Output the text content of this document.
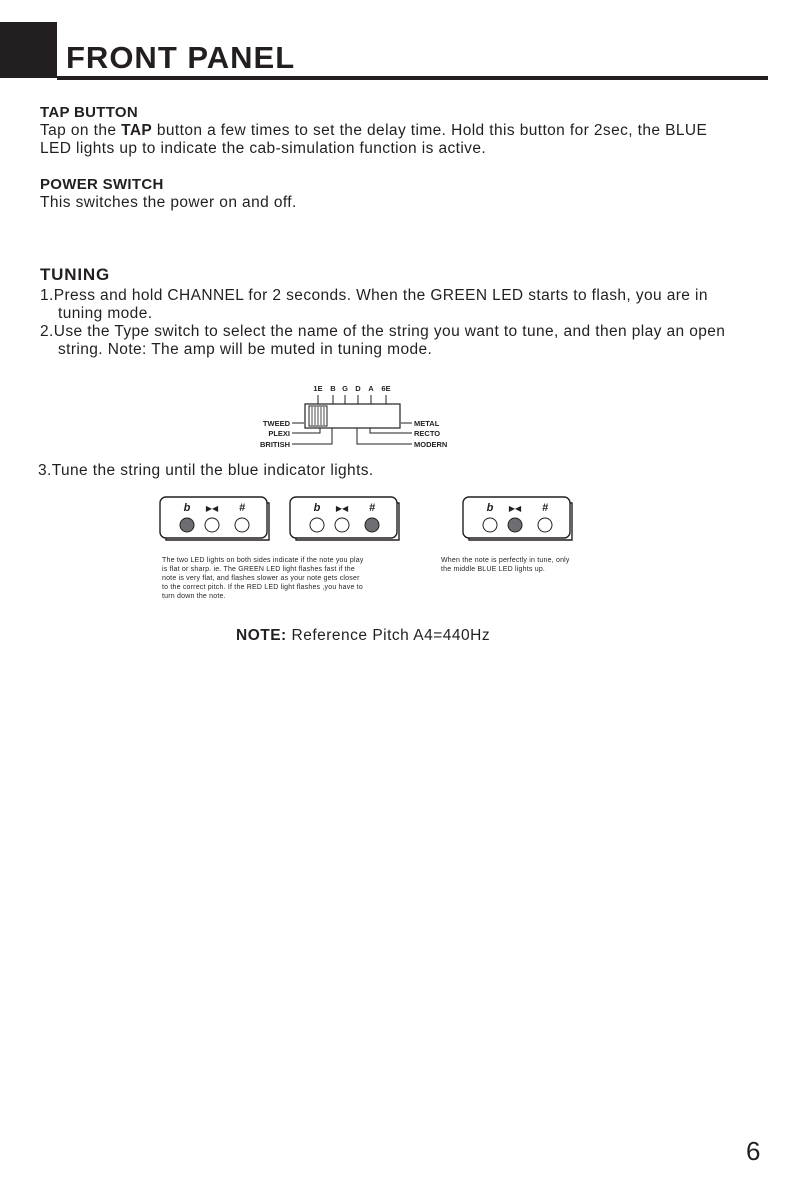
FRONT PANEL
TAP BUTTON
Tap on the TAP button a few times to set the delay time. Hold this button for 2sec, the BLUE
LED lights up to indicate the cab-simulation function is active.
POWER SWITCH
This switches the power on and off.
TUNING
1.Press and hold CHANNEL for 2 seconds. When the GREEN LED starts to flash, you are in
tuning mode.
2.Use the Type switch to select the name of the string you want to tune, and then play an open
string. Note: The amp will be muted in tuning mode.
1E B G D A 6E
TWEED
PLEXI
BRITISH
METAL
RECTO
MODERN
3.Tune the string until the blue indicator lights.
b ▶◀ #	b ▶◀ #	b ▶◀ #
The two LED lights on both sides indicate if the note you play
is flat or sharp. ie. The GREEN LED light flashes fast if the
note is very flat, and flashes slower as your note gets closer
to the correct pitch. If the RED LED light flashes ,you have to
turn down the note.
When the note is perfectly in tune, only
the middle BLUE LED lights up.
NOTE: Reference Pitch A4=440Hz
6
